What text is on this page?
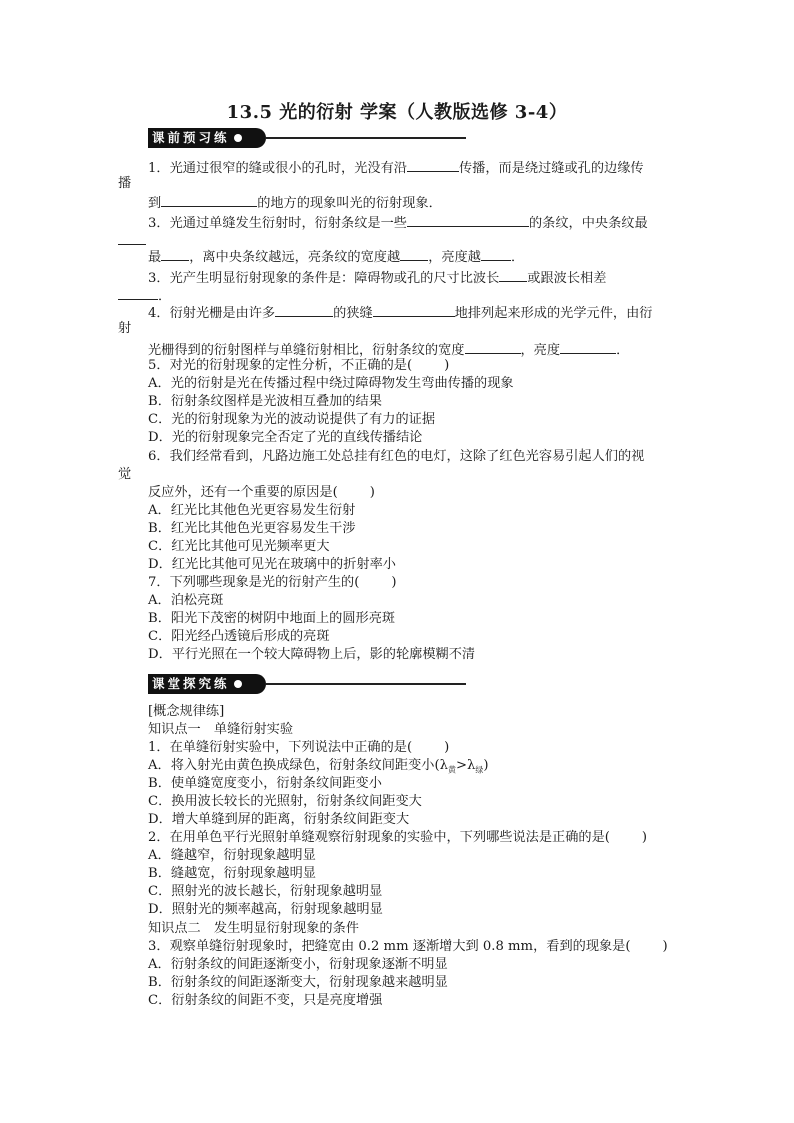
13.5 光的衍射 学案（人教版选修 3-4）
课前预习练
1．光通过很窄的缝或很小的孔时，光没有沿	传播，而是绕过缝或孔的边缘传
播
到	的地方的现象叫光的衍射现象．
3．光通过单缝发生衍射时，衍射条纹是一些	的条纹，中央条纹最
最 ，离中央条纹越远，亮条纹的宽度越 ，亮度越 ．
3．光产生明显衍射现象的条件是：障碍物或孔的尺寸比波长 或跟波长相差
．
4．衍射光栅是由许多	的狭缝	地排列起来形成的光学元件，由衍
射
光栅得到的衍射图样与单缝衍射相比，衍射条纹的宽度	，亮度	．
5．对光的衍射现象的定性分析，不正确的是( )
A．光的衍射是光在传播过程中绕过障碍物发生弯曲传播的现象
B．衍射条纹图样是光波相互叠加的结果
C．光的衍射现象为光的波动说提供了有力的证据
D．光的衍射现象完全否定了光的直线传播结论
6．我们经常看到，凡路边施工处总挂有红色的电灯，这除了红色光容易引起人们的视
觉
反应外，还有一个重要的原因是( )
A．红光比其他色光更容易发生衍射
B．红光比其他色光更容易发生干涉
C．红光比其他可见光频率更大
D．红光比其他可见光在玻璃中的折射率小
7．下列哪些现象是光的衍射产生的( )
A．泊松亮斑
B．阳光下茂密的树阴中地面上的圆形亮斑
C．阳光经凸透镜后形成的亮斑
D．平行光照在一个较大障碍物上后，影的轮廓模糊不清
课堂探究练
[概念规律练]
知识点一　单缝衍射实验
1．在单缝衍射实验中，下列说法中正确的是( )
A．将入射光由黄色换成绿色，衍射条纹间距变小$(\lambda_黄>\lambda_绿)$
B．使单缝宽度变小，衍射条纹间距变小
C．换用波长较长的光照射，衍射条纹间距变大
D．增大单缝到屏的距离，衍射条纹间距变大
2．在用单色平行光照射单缝观察衍射现象的实验中，下列哪些说法是正确的是( )
A．缝越窄，衍射现象越明显
B．缝越宽，衍射现象越明显
C．照射光的波长越长，衍射现象越明显
D．照射光的频率越高，衍射现象越明显
知识点二　发生明显衍射现象的条件
3．观察单缝衍射现象时，把缝宽由 0.2 mm 逐渐增大到 0.8 mm，看到的现象是( )
A．衍射条纹的间距逐渐变小，衍射现象逐渐不明显
B．衍射条纹的间距逐渐变大，衍射现象越来越明显
C．衍射条纹的间距不变，只是亮度增强
